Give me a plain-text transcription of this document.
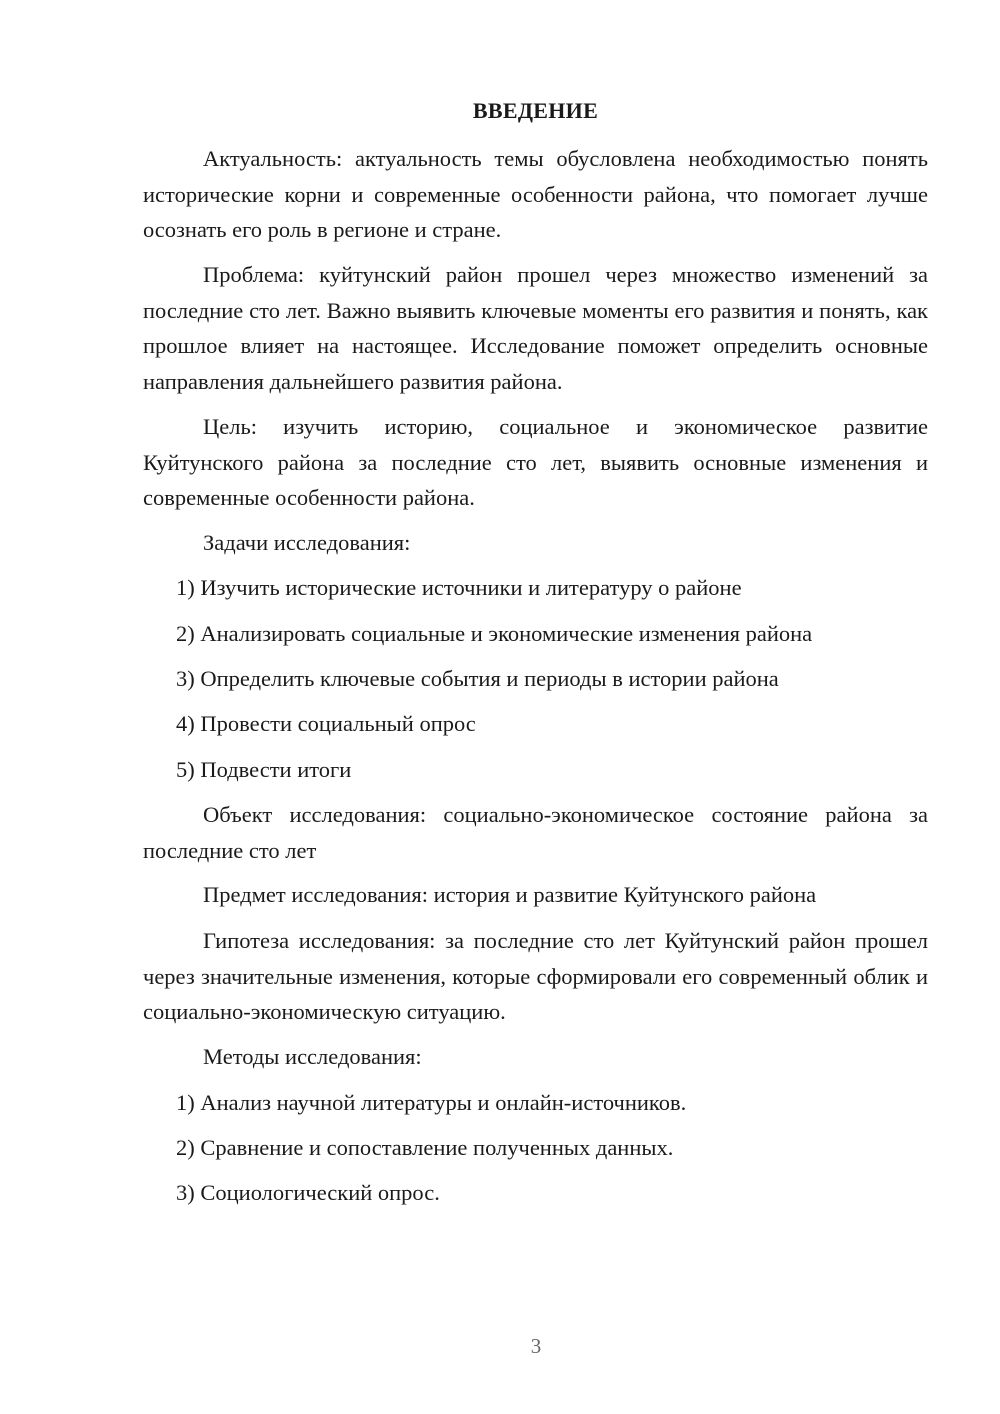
ВВЕДЕНИЕ

Актуальность: актуальность темы обусловлена необходимостью понять исторические корни и современные особенности района, что помогает лучше осознать его роль в регионе и стране.

Проблема: куйтунский район прошел через множество изменений за последние сто лет. Важно выявить ключевые моменты его развития и понять, как прошлое влияет на настоящее. Исследование поможет определить основные направления дальнейшего развития района.

Цель: изучить историю, социальное и экономическое развитие Куйтунского района за последние сто лет, выявить основные изменения и современные особенности района.

Задачи исследования:

1) Изучить исторические источники и литературу о районе

2) Анализировать социальные и экономические изменения района

3) Определить ключевые события и периоды в истории района

4) Провести социальный опрос

5) Подвести итоги

Объект исследования: социально-экономическое состояние района за последние сто лет

Предмет исследования: история и развитие Куйтунского района

Гипотеза исследования: за последние сто лет Куйтунский район прошел через значительные изменения, которые сформировали его современный облик и социально-экономическую ситуацию.

Методы исследования:

1) Анализ научной литературы и онлайн-источников.

2) Сравнение и сопоставление полученных данных.

3) Социологический опрос.

3
